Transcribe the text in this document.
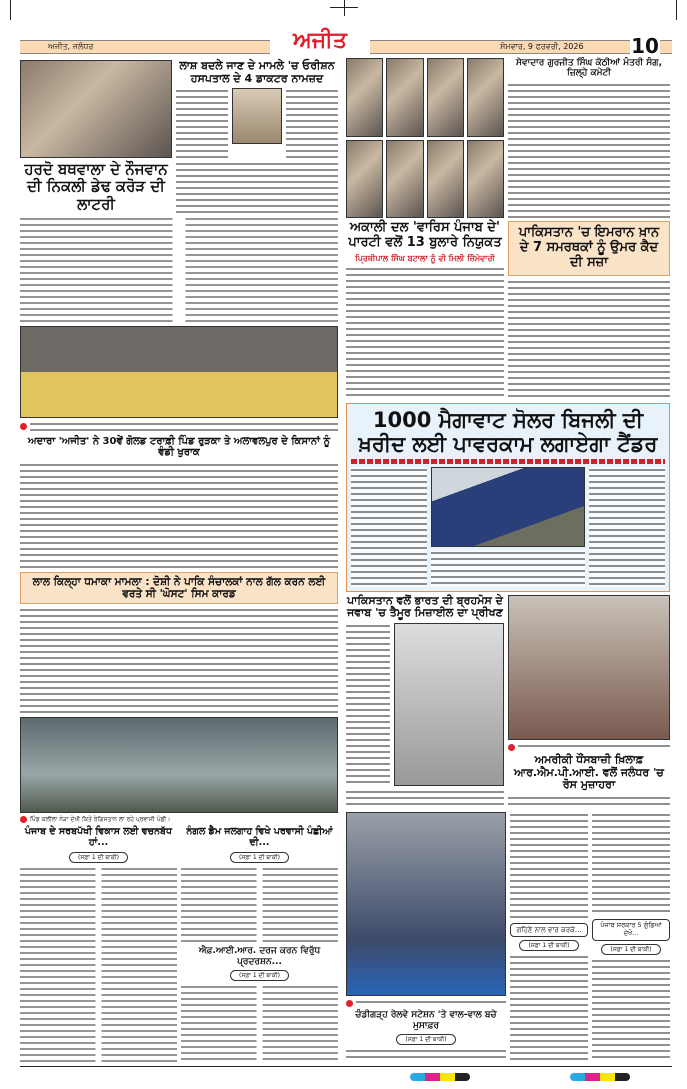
ਅਜੀਤ, ਜਲੰਧਰ	ਅਜੀਤ	ਸੋਮਵਾਰ, 9 ਫਰਵਰੀ, 2026 10
ਲਾਸ਼ ਬਦਲੇ ਜਾਣ ਦੇ ਮਾਮਲੇ 'ਚ ਓਰੀਸ਼ਨ ਹਸਪਤਾਲ ਦੇ 4 ਡਾਕਟਰ ਨਾਮਜ਼ਦ
ਹਰਦੋ ਬਥਵਾਲਾ ਦੇ ਨੌਜਵਾਨ ਦੀ ਨਿਕਲੀ ਡੇਢ ਕਰੋੜ ਦੀ ਲਾਟਰੀ
ਅਦਾਰਾ 'ਅਜੀਤ' ਨੇ 30ਵੇਂ ਗੋਲਡ ਟਰਾਫ਼ੀ ਪਿੰਡ ਰੁੜਕਾ ਤੇ ਅਲਾਵਲਪੁਰ ਦੇ ਕਿਸਾਨਾਂ ਨੂੰ ਵੰਡੀ ਖੁਰਾਕ
ਲਾਲ ਕਿਲ੍ਹਾ ਧਮਾਕਾ ਮਾਮਲਾ : ਦੋਸ਼ੀ ਨੇ ਪਾਕਿ ਸੰਚਾਲਕਾਂ ਨਾਲ ਗੱਲ ਕਰਨ ਲਈ ਵਰਤੇ ਸੀ 'ਘੋਸਟ' ਸਿਮ ਕਾਰਡ
ਪਿੰਡ ਕਲੀਲਾ ਨੇੜਾ ਦੇਖੀ ਕਿਤੇ ਰੇਗਿਸਤਾਨ ਲਾ ਰਹੇ ਪ੍ਰਵਾਸੀ ਪੰਛੀ।
ਪੰਜਾਬ ਦੇ ਸਰਬਪੱਖੀ ਵਿਕਾਸ ਲਈ ਵਚਨਬੱਧ ਹਾਂ...
(ਸਫ਼ਾ 1 ਦੀ ਬਾਕੀ)
ਨੰਗਲ ਡੈਮ ਜਲਗਾਹ ਵਿਖੇ ਪਰਵਾਸੀ ਪੰਛੀਆਂ ਦੀ...
(ਸਫ਼ਾ 1 ਦੀ ਬਾਕੀ)
ਐਫ਼.ਆਈ.ਆਰ. ਦਰਜ ਕਰਨ ਵਿਰੁੱਧ ਪ੍ਰਦਰਸ਼ਨ...
(ਸਫ਼ਾ 1 ਦੀ ਬਾਕੀ)
ਸੇਵਾਦਾਰ ਗੁਰਜੀਤ ਸਿੰਘ ਕੋਠੀਆਂ ਮੰਤਰੀ ਸੰਗ, ਜ਼ਿਲ੍ਹੇ ਕਮੇਟੀ
ਅਕਾਲੀ ਦਲ 'ਵਾਰਿਸ ਪੰਜਾਬ ਦੇ' ਪਾਰਟੀ ਵਲੋਂ 13 ਬੁਲਾਰੇ ਨਿਯੁਕਤ
ਪ੍ਰਿਥੀਪਾਲ ਸਿੰਘ ਬਟਾਲਾ ਨੂੰ ਵੀ ਮਿਲੀ ਜ਼ਿੰਮੇਵਾਰੀ
ਪਾਕਿਸਤਾਨ 'ਚ ਇਮਰਾਨ ਖ਼ਾਨ ਦੇ 7 ਸਮਰਥਕਾਂ ਨੂੰ ਉਮਰ ਕੈਦ ਦੀ ਸਜ਼ਾ
1000 ਮੈਗਾਵਾਟ ਸੋਲਰ ਬਿਜਲੀ ਦੀ ਖ਼ਰੀਦ ਲਈ ਪਾਵਰਕਾਮ ਲਗਾਏਗਾ ਟੈਂਡਰ
ਪਾਕਿਸਤਾਨ ਵਲੋਂ ਭਾਰਤ ਦੀ ਬ੍ਰਹਮੋਸ ਦੇ ਜਵਾਬ 'ਚ ਤੈਮੂਰ ਮਿਜ਼ਾਈਲ ਦਾ ਪ੍ਰੀਖਣ
ਅਮਰੀਕੀ ਧੌਂਸਬਾਜ਼ੀ ਖ਼ਿਲਾਫ਼ ਆਰ.ਐਮ.ਪੀ.ਆਈ. ਵਲੋਂ ਜਲੰਧਰ 'ਚ ਰੋਸ ਮੁਜ਼ਾਹਰਾ
ਚੰਡੀਗੜ੍ਹ ਰੇਲਵੇ ਸਟੇਸ਼ਨ 'ਤੇ ਵਾਲ-ਵਾਲ ਬਚੇ ਮੁਸਾਫ਼ਰ
(ਸਫ਼ਾ 1 ਦੀ ਬਾਕੀ)
ਗਹਿਣੇ ਨਾਲ ਵਾਰ ਕਰਕੇ...
(ਸਫ਼ਾ 1 ਦੀ ਬਾਕੀ)
ਪੰਜਾਬ ਸਰਕਾਰ 5 ਗੁੰਡਿਆਂ ਦੇਖੋ...
(ਸਫ਼ਾ 1 ਦੀ ਬਾਕੀ)
